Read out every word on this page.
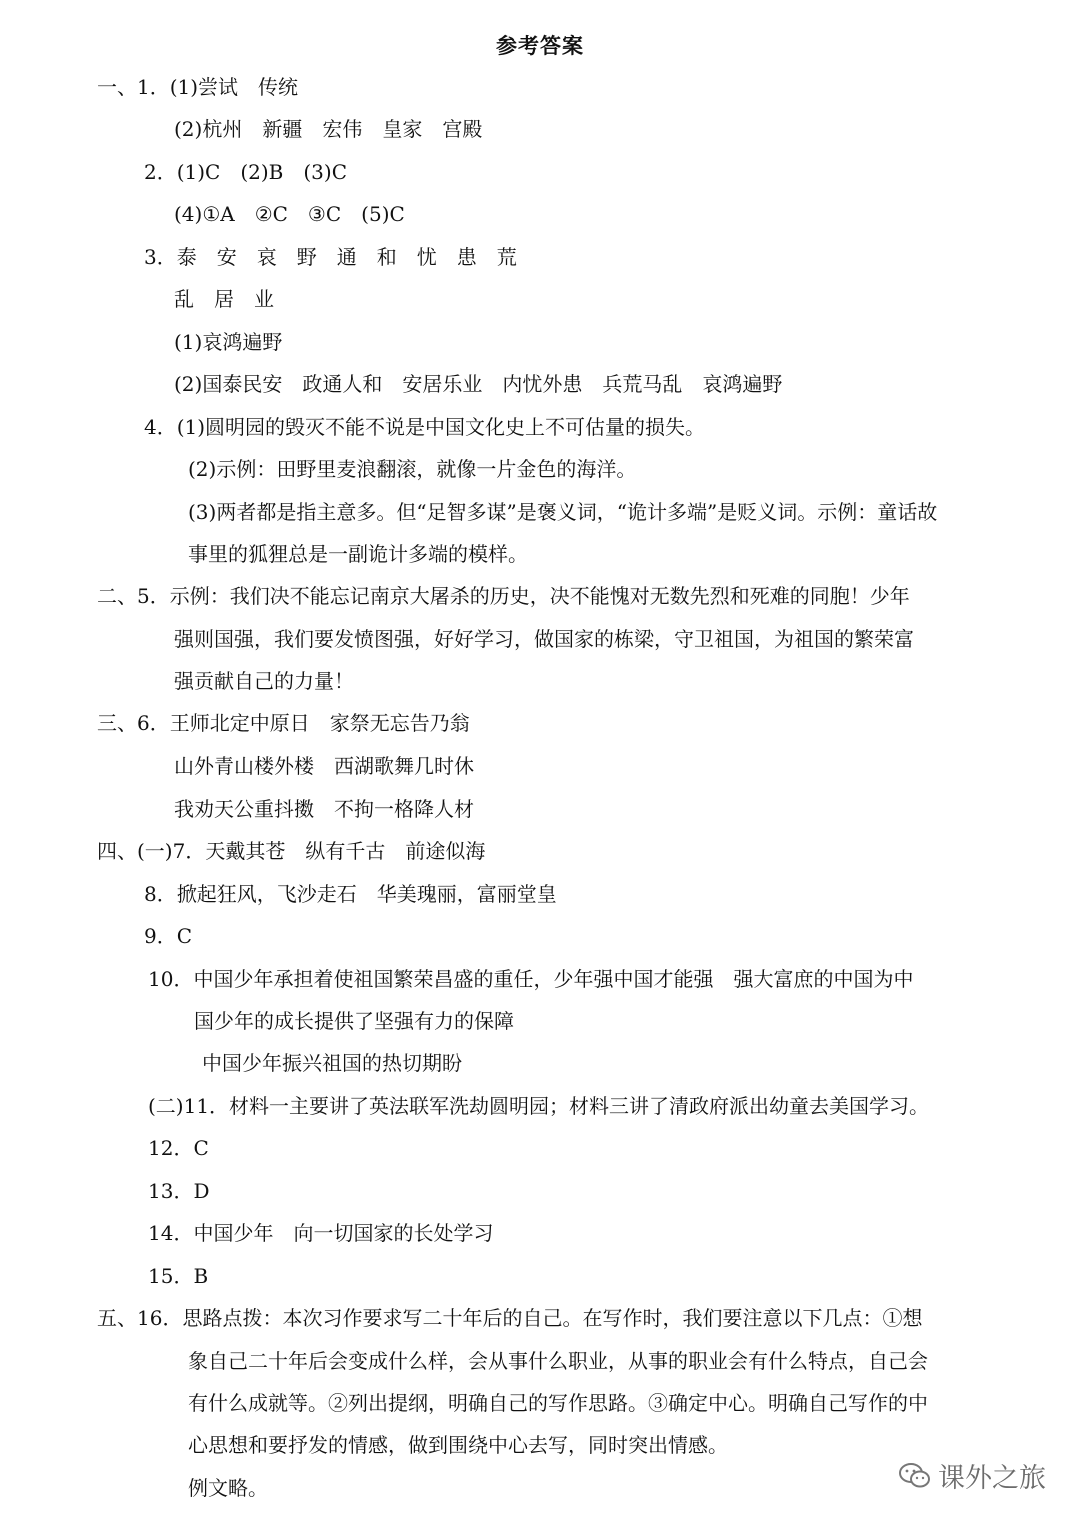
参考答案
一、1．(1)尝试　传统
(2)杭州　新疆　宏伟　皇家　宫殿
2．(1)C　(2)B　(3)C
(4)①A　②C　③C　(5)C
3．泰　安　哀　野　通　和　忧　患　荒
乱　居　业
(1)哀鸿遍野
(2)国泰民安　政通人和　安居乐业　内忧外患　兵荒马乱　哀鸿遍野
4．(1)圆明园的毁灭不能不说是中国文化史上不可估量的损失。
(2)示例：田野里麦浪翻滚，就像一片金色的海洋。
(3)两者都是指主意多。但“足智多谋”是褒义词，“诡计多端”是贬义词。示例：童话故
事里的狐狸总是一副诡计多端的模样。
二、5．示例：我们决不能忘记南京大屠杀的历史，决不能愧对无数先烈和死难的同胞！少年
强则国强，我们要发愤图强，好好学习，做国家的栋梁，守卫祖国，为祖国的繁荣富
强贡献自己的力量！
三、6．王师北定中原日　家祭无忘告乃翁
山外青山楼外楼　西湖歌舞几时休
我劝天公重抖擞　不拘一格降人材
四、(一)7．天戴其苍　纵有千古　前途似海
8．掀起狂风，飞沙走石　华美瑰丽，富丽堂皇
9．C
10．中国少年承担着使祖国繁荣昌盛的重任，少年强中国才能强　强大富庶的中国为中
国少年的成长提供了坚强有力的保障
中国少年振兴祖国的热切期盼
(二)11．材料一主要讲了英法联军洗劫圆明园；材料三讲了清政府派出幼童去美国学习。
12．C
13．D
14．中国少年　向一切国家的长处学习
15．B
五、16．思路点拨：本次习作要求写二十年后的自己。在写作时，我们要注意以下几点：①想
象自己二十年后会变成什么样，会从事什么职业，从事的职业会有什么特点，自己会
有什么成就等。②列出提纲，明确自己的写作思路。③确定中心。明确自己写作的中
心思想和要抒发的情感，做到围绕中心去写，同时突出情感。
例文略。	课外之旅
